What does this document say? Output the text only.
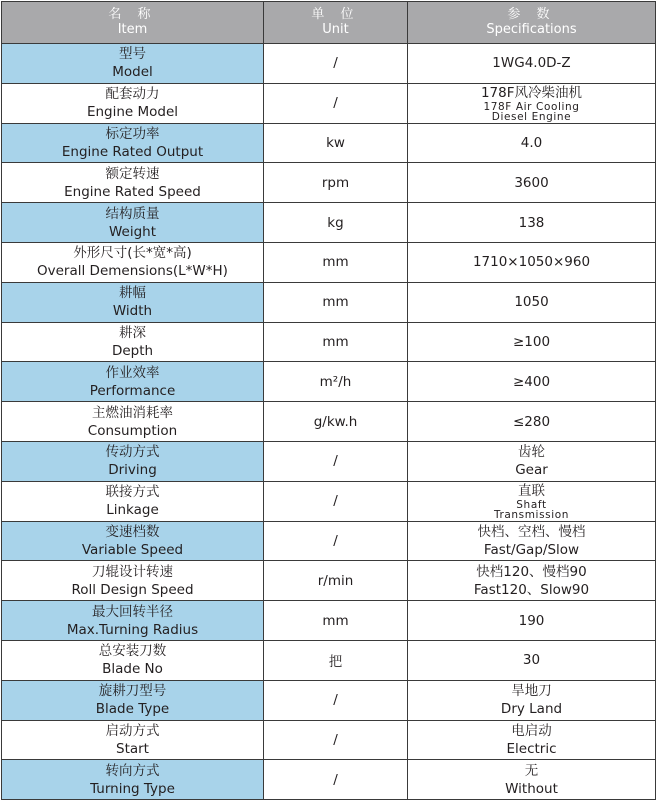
名 称
Item	单 位
Unit	参 数
Specifications

型号
Model	/	1WG4.0D-Z

配套动力
Engine Model	/	178F风冷柴油机
178F Air Cooling
Diesel Engine

标定功率
Engine Rated Output	kw	4.0

额定转速
Engine Rated Speed	rpm	3600

结构质量
Weight	kg	138

外形尺寸(长*宽*高)
Overall Demensions(L*W*H)	mm	1710×1050×960

耕幅
Width	mm	1050

耕深
Depth	mm	≥100

作业效率
Performance	m²/h	≥400

主燃油消耗率
Consumption	g/kw.h	≤280

传动方式
Driving	/	齿轮
Gear

联接方式
Linkage	/	直联
Shaft
Transmission

变速档数
Variable Speed	/	快档、空档、慢档
Fast/Gap/Slow

刀辊设计转速
Roll Design Speed	r/min	快档120、慢档90
Fast120、Slow90

最大回转半径
Max.Turning Radius	mm	190

总安装刀数
Blade No	把	30

旋耕刀型号
Blade Type	/	旱地刀
Dry Land

启动方式
Start	/	电启动
Electric

转向方式
Turning Type	/	无
Without
